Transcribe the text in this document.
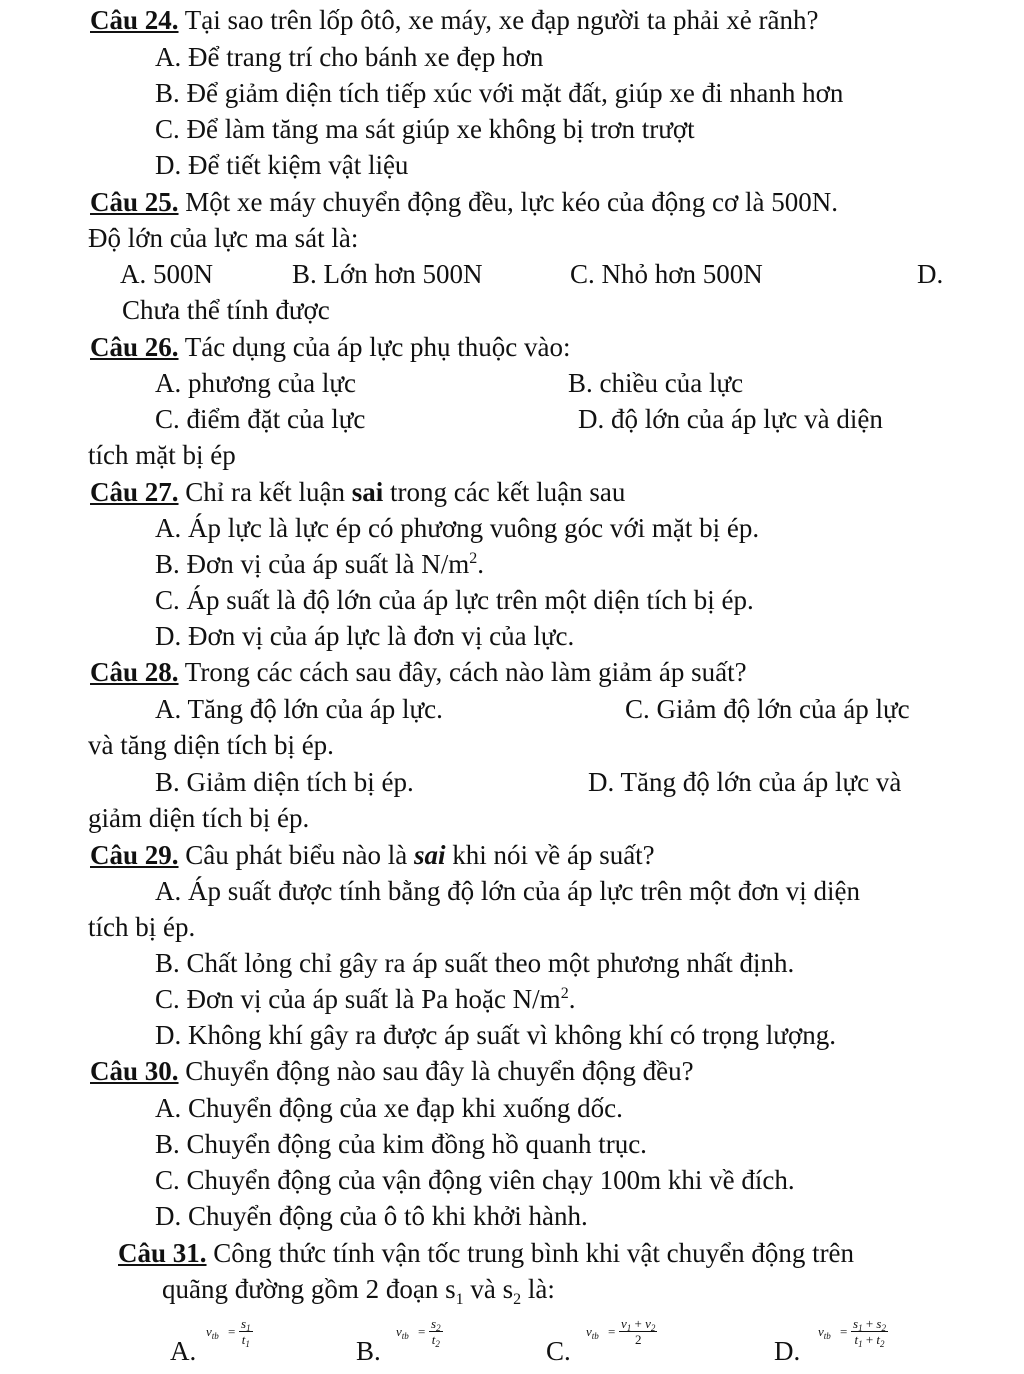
Câu 24. Tại sao trên lốp ôtô, xe máy, xe đạp người ta phải xẻ rãnh?
A. Để trang trí cho bánh xe đẹp hơn
B. Để giảm diện tích tiếp xúc với mặt đất, giúp xe đi nhanh hơn
C. Để làm tăng ma sát giúp xe không bị trơn trượt
D. Để tiết kiệm vật liệu
Câu 25. Một xe máy chuyển động đều, lực kéo của động cơ là 500N.
Độ lớn của lực ma sát là:
A. 500N	B. Lớn hơn 500N	C. Nhỏ hơn 500N	D.
Chưa thể tính được
Câu 26. Tác dụng của áp lực phụ thuộc vào:
A. phương của lực	B. chiều của lực
C. điểm đặt của lực	D. độ lớn của áp lực và diện
tích mặt bị ép
Câu 27. Chỉ ra kết luận sai trong các kết luận sau
A. Áp lực là lực ép có phương vuông góc với mặt bị ép.
B. Đơn vị của áp suất là $N/m^2$.
C. Áp suất là độ lớn của áp lực trên một diện tích bị ép.
D. Đơn vị của áp lực là đơn vị của lực.
Câu 28. Trong các cách sau đây, cách nào làm giảm áp suất?
A. Tăng độ lớn của áp lực.	C. Giảm độ lớn của áp lực
và tăng diện tích bị ép.
B. Giảm diện tích bị ép.	D. Tăng độ lớn của áp lực và
giảm diện tích bị ép.
Câu 29. Câu phát biểu nào là sai khi nói về áp suất?
A. Áp suất được tính bằng độ lớn của áp lực trên một đơn vị diện
tích bị ép.
B. Chất lỏng chỉ gây ra áp suất theo một phương nhất định.
C. Đơn vị của áp suất là Pa hoặc $N/m^2$.
D. Không khí gây ra được áp suất vì không khí có trọng lượng.
Câu 30. Chuyển động nào sau đây là chuyển động đều?
A. Chuyển động của xe đạp khi xuống dốc.
B. Chuyển động của kim đồng hồ quanh trục.
C. Chuyển động của vận động viên chạy 100m khi về đích.
D. Chuyển động của ô tô khi khởi hành.
Câu 31. Công thức tính vận tốc trung bình khi vật chuyển động trên
quãng đường gồm 2 đoạn $s_1$ và $s_2$ là:
A.
$v_{tb} = \frac{s_1}{t_1}$
B.
$v_{tb} = \frac{s_2}{t_2}$
C.
$v_{tb} = \frac{v_1 + v_2}{2}$
D.
$v_{tb} = \frac{s_1 + s_2}{t_1 + t_2}$
